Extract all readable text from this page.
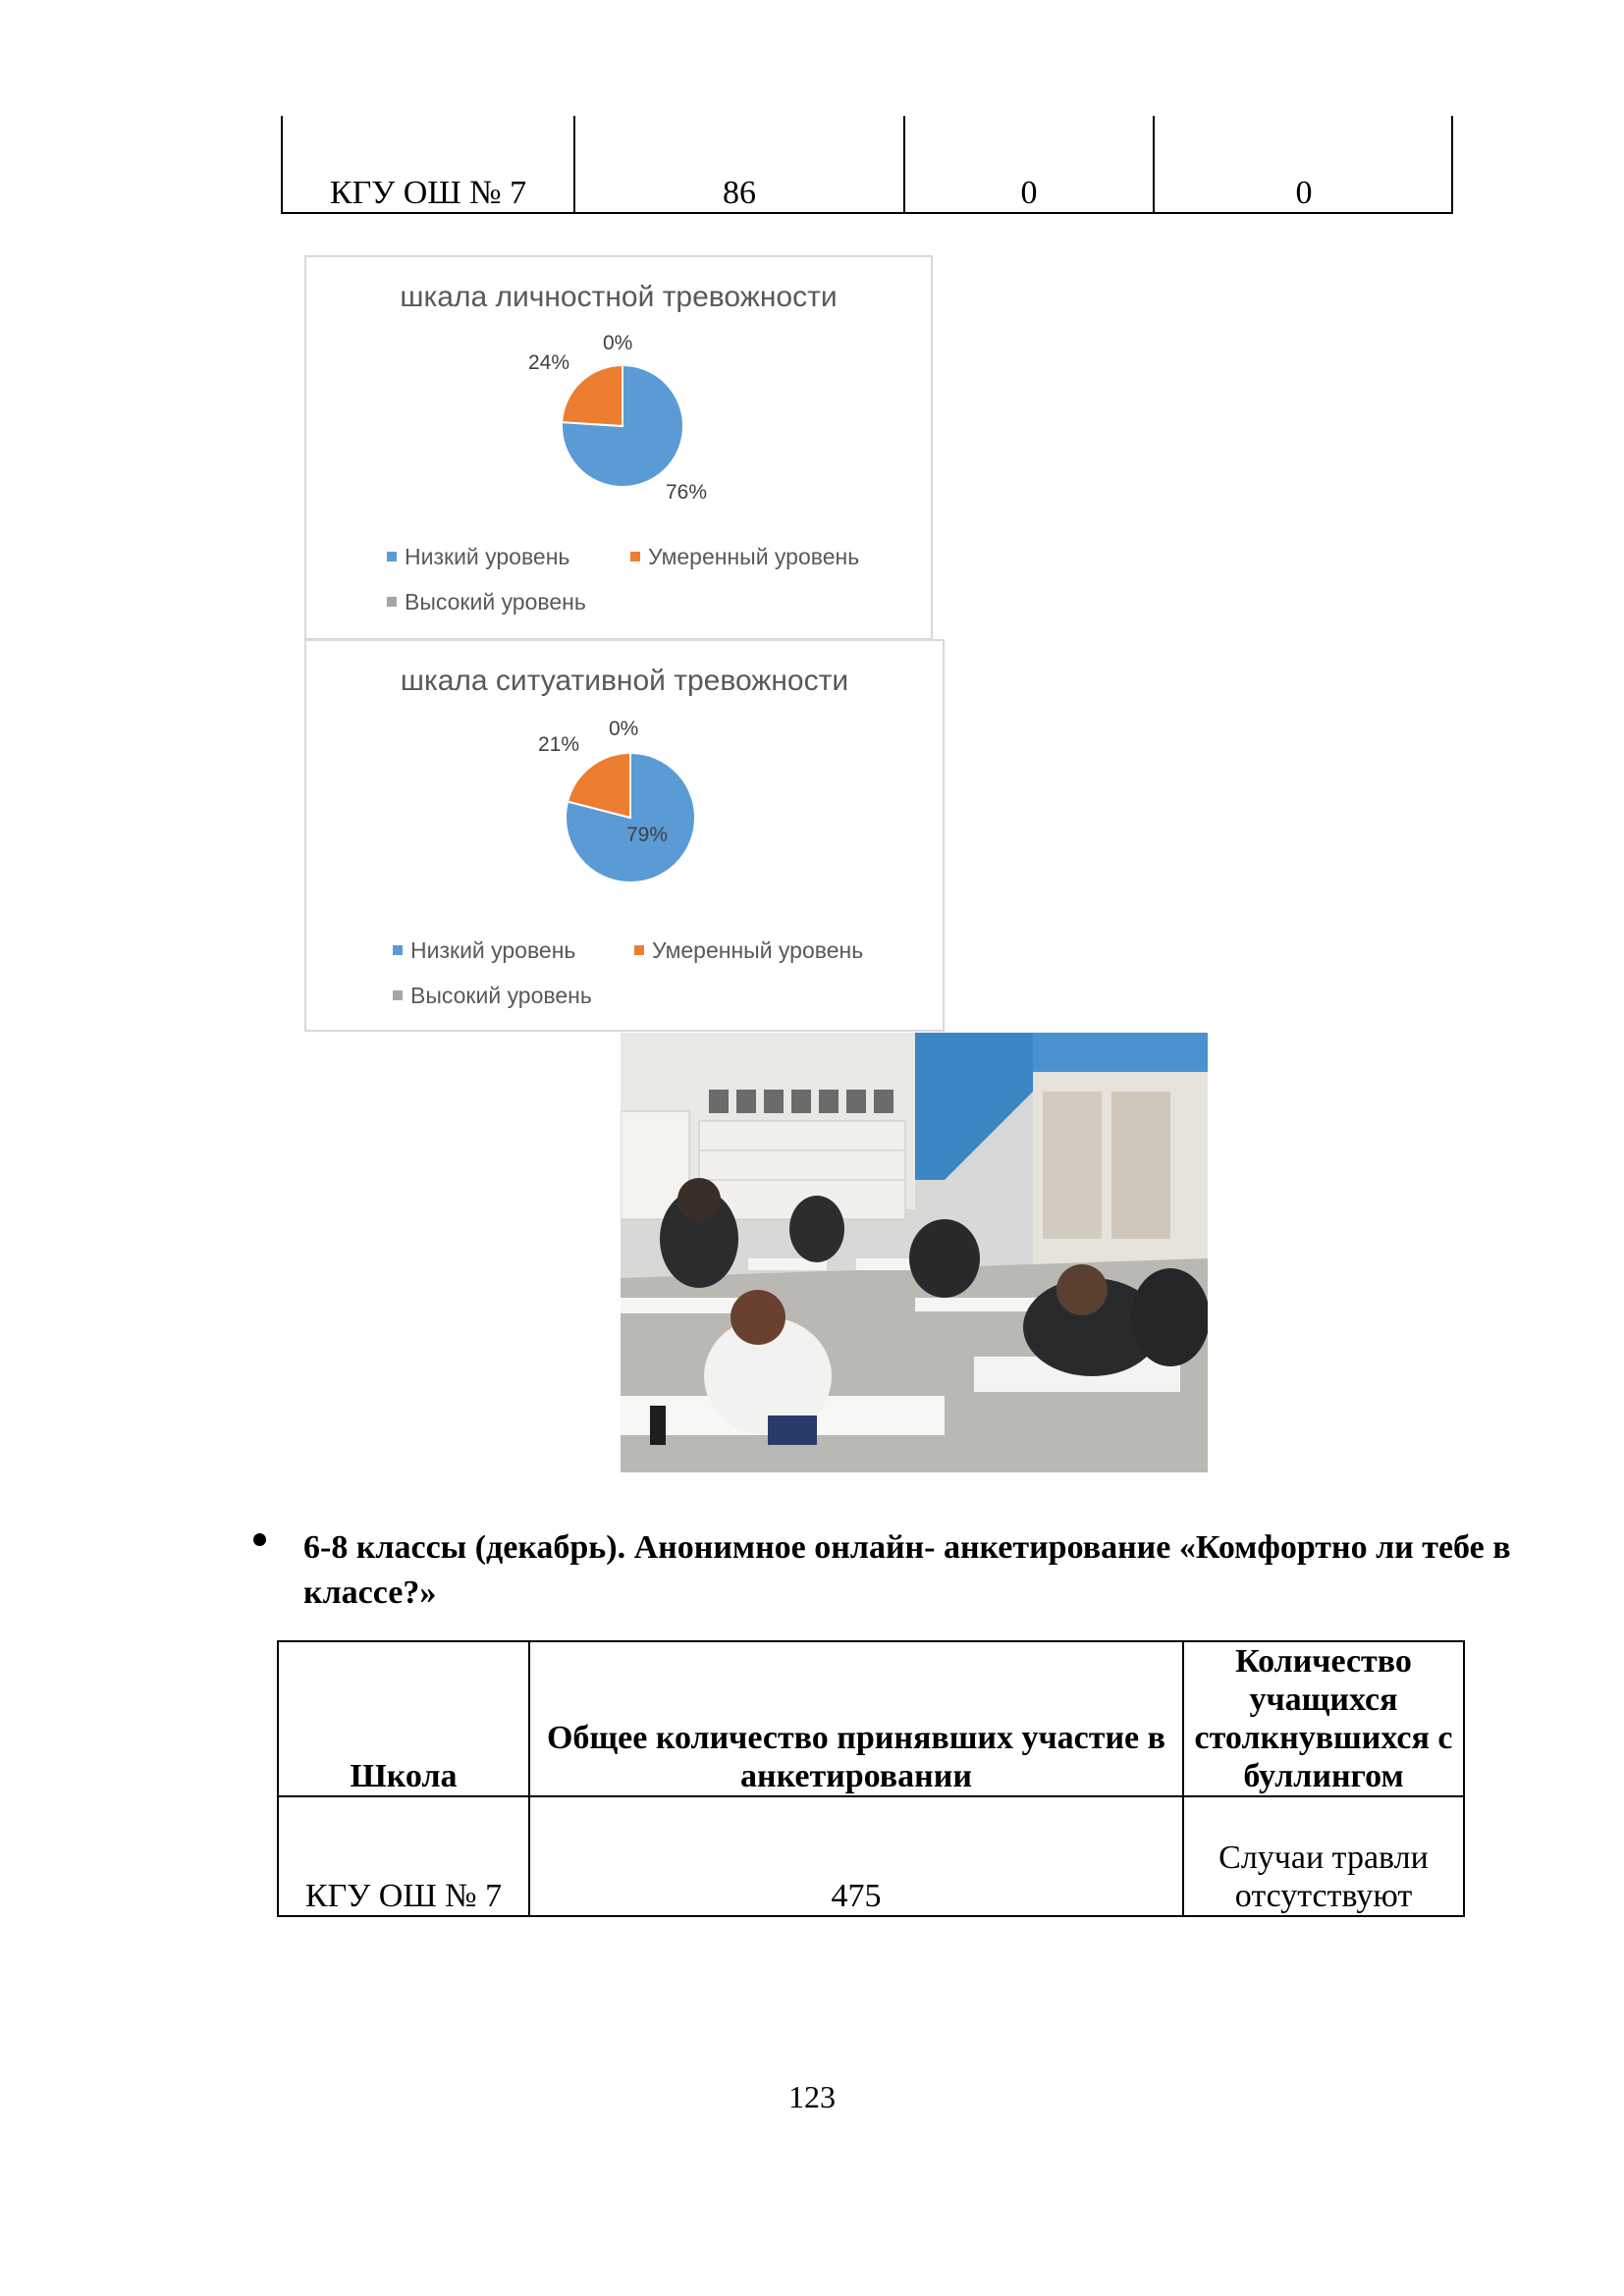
КГУ ОШ № 7	86	0	0
шкала личностной тревожности
0%
24%
76%
Низкий уровень	Умеренный уровень
Высокий уровень
шкала ситуативной тревожности
0%
21%
79%
Низкий уровень	Умеренный уровень
Высокий уровень
6-8 классы (декабрь). Анонимное онлайн- анкетирование «Комфортно ли тебе в классе?»
Школа	Общее количество принявших участие в анкетировании	Количество учащихся столкнувшихся с буллингом
КГУ ОШ № 7	475	Случаи травли отсутствуют
123
